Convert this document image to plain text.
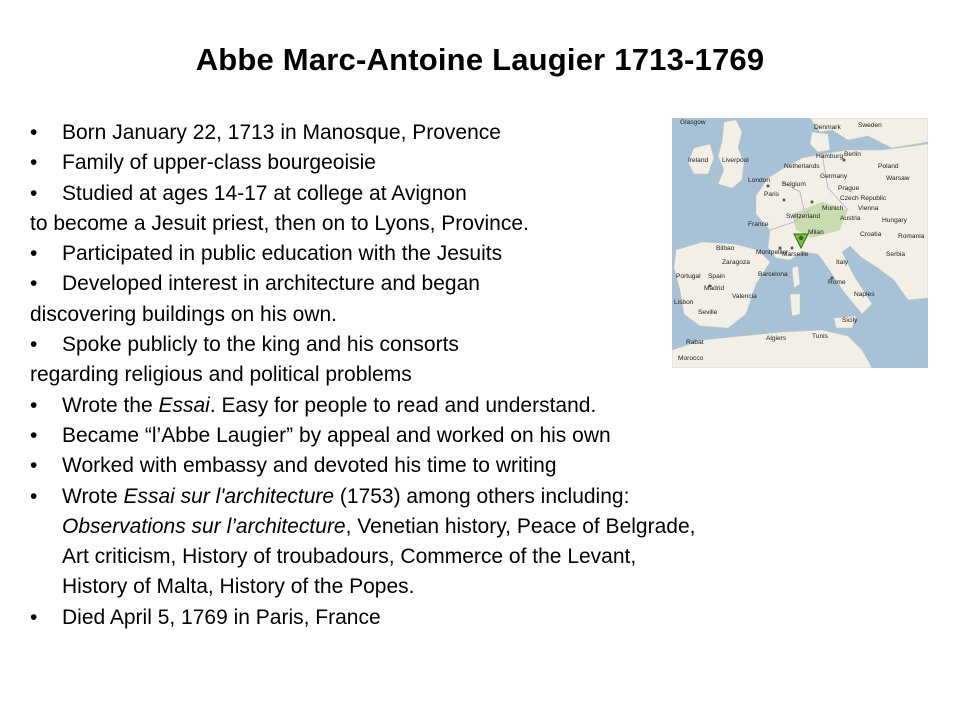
Abbe Marc-Antoine Laugier 1713-1769
• Born January 22, 1713 in Manosque, Provence
• Family of upper-class bourgeoisie
• Studied at ages 14-17 at college at Avignon
to become a Jesuit priest, then on to Lyons, Province.
• Participated in public education with the Jesuits
• Developed interest in architecture and began
discovering buildings on his own.
• Spoke publicly to the king and his consorts
regarding religious and political problems
• Wrote the Essai. Easy for people to read and understand.
• Became “l’Abbe Laugier” by appeal and worked on his own
• Worked with embassy and devoted his time to writing
• Wrote Essai sur l'architecture (1753) among others including:
Observations sur l’architecture, Venetian history, Peace of Belgrade,
Art criticism, History of troubadours, Commerce of the Levant,
History of Malta, History of the Popes.
• Died April 5, 1769 in Paris, France
Glasgow
Denmark	Sweden
Ireland Liverpool
Hamburg Berlin
Netherlands
London
Germany
Poland
Belgium
Warsaw
Paris
Prague
Czech Republic
Munich Vienna
France
Switzerland	Austria	Hungary
Milan	Croatia	Romania
Montpellier
Marseille	Serbia
Bilbao
Zaragoza	Italy
Portugal Spain
Madrid
Rome
Barcelona
Valencia	Naples
Lisbon
Seville
Sicily
Algiers	Tunis
Rabat
Morocco
